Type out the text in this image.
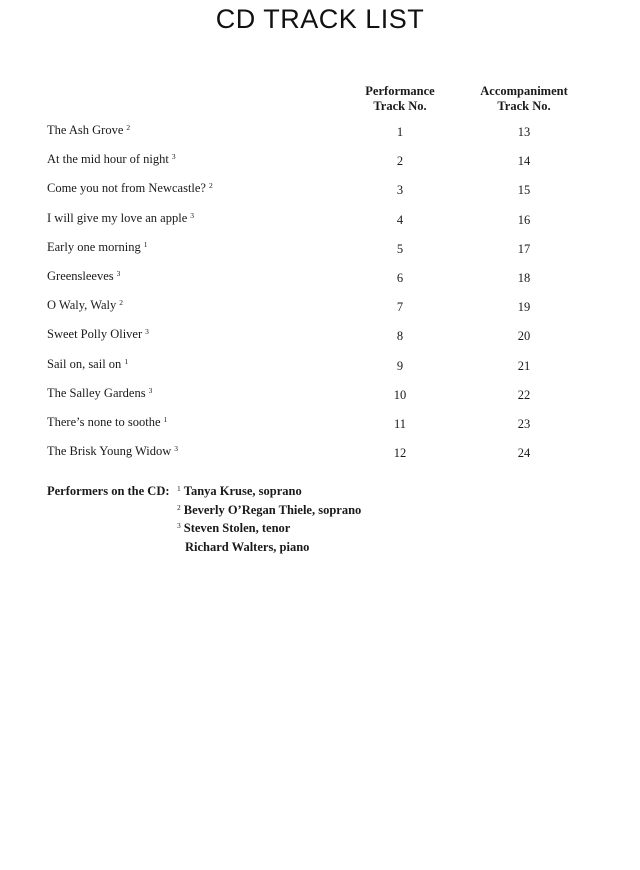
CD TRACK LIST
Performance
Track No.
Accompaniment
Track No.
The Ash Grove $^2$	1	13
At the mid hour of night $^3$	2	14
Come you not from Newcastle? $^2$	3	15
I will give my love an apple $^3$	4	16
Early one morning $^1$	5	17
Greensleeves $^3$	6	18
O Waly, Waly $^2$	7	19
Sweet Polly Oliver $^3$	8	20
Sail on, sail on $^1$	9	21
The Salley Gardens $^3$	10	22
There’s none to soothe $^1$	11	23
The Brisk Young Widow $^3$	12	24
Performers on the CD: $^1$ Tanya Kruse, soprano
$^2$ Beverly O’Regan Thiele, soprano
$^3$ Steven Stolen, tenor
Richard Walters, piano
